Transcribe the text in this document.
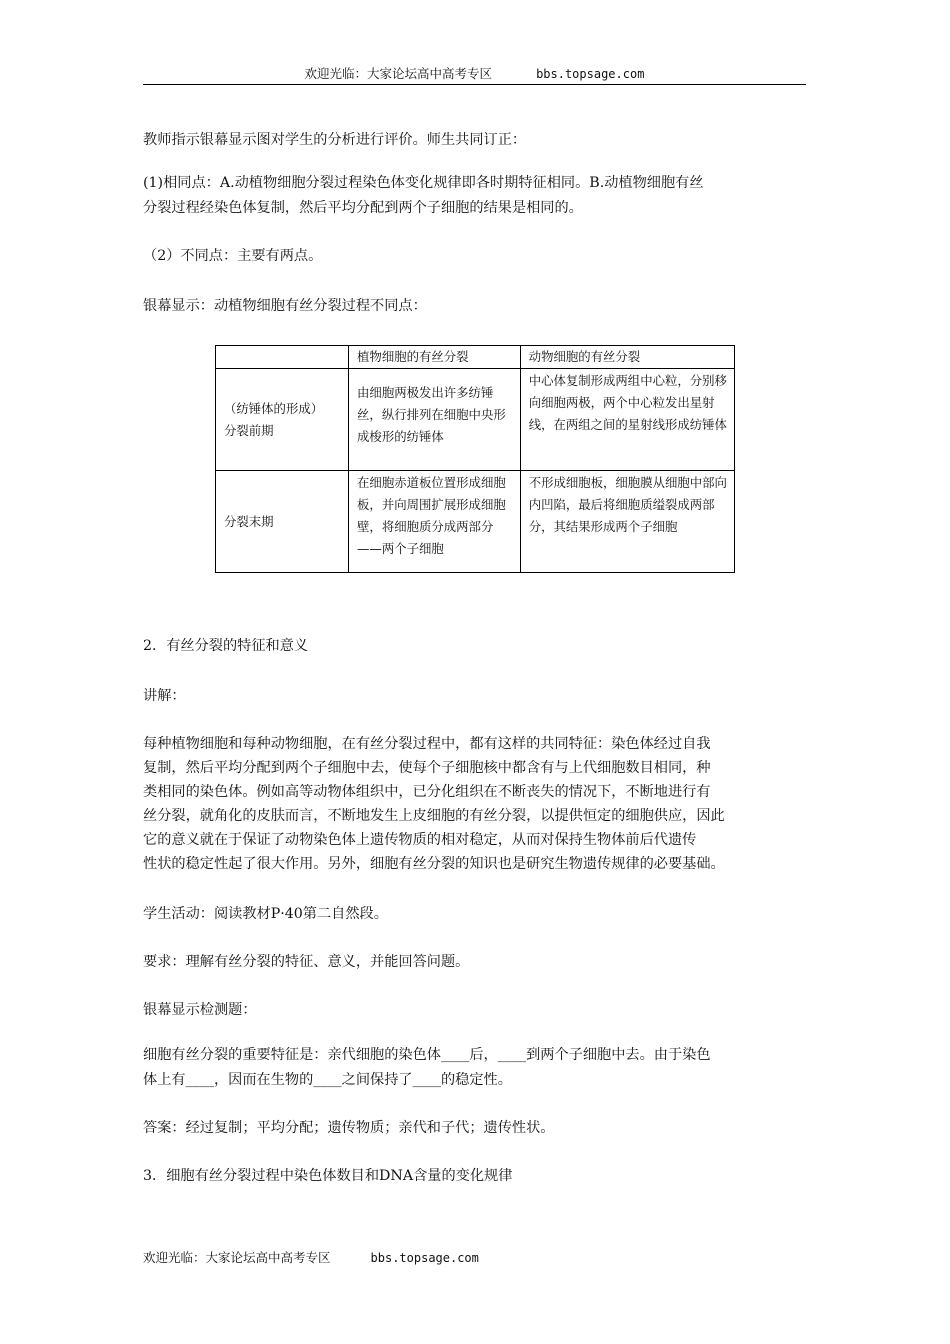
欢迎光临：大家论坛高中高考专区	bbs.topsage.com
教师指示银幕显示图对学生的分析进行评价。师生共同订正：
(1)相同点：A.动植物细胞分裂过程染色体变化规律即各时期特征相同。B.动植物细胞有丝
分裂过程经染色体复制，然后平均分配到两个子细胞的结果是相同的。
（2）不同点：主要有两点。
银幕显示：动植物细胞有丝分裂过程不同点：
	植物细胞的有丝分裂	动物细胞的有丝分裂

（纺锤体的形成）
分裂前期	由细胞两极发出许多纺锤丝，纵行排列在细胞中央形成梭形的纺锤体	中心体复制形成两组中心粒，分别移向细胞两极，两个中心粒发出星射线，在两组之间的星射线形成纺锤体

分裂末期	在细胞赤道板位置形成细胞板，并向周围扩展形成细胞壁，将细胞质分成两部分——两个子细胞	不形成细胞板，细胞膜从细胞中部向内凹陷，最后将细胞质缢裂成两部分，其结果形成两个子细胞
2．有丝分裂的特征和意义
讲解：
每种植物细胞和每种动物细胞，在有丝分裂过程中，都有这样的共同特征：染色体经过自我
复制，然后平均分配到两个子细胞中去，使每个子细胞核中都含有与上代细胞数目相同，种
类相同的染色体。例如高等动物体组织中，已分化组织在不断丧失的情况下，不断地进行有
丝分裂，就角化的皮肤而言，不断地发生上皮细胞的有丝分裂，以提供恒定的细胞供应，因此
它的意义就在于保证了动物染色体上遗传物质的相对稳定，从而对保持生物体前后代遗传
性状的稳定性起了很大作用。另外，细胞有丝分裂的知识也是研究生物遗传规律的必要基础。
学生活动：阅读教材P·40第二自然段。
要求：理解有丝分裂的特征、意义，并能回答问题。
银幕显示检测题：
细胞有丝分裂的重要特征是：亲代细胞的染色体____后，____到两个子细胞中去。由于染色
体上有____，因而在生物的____之间保持了____的稳定性。
答案：经过复制；平均分配；遗传物质；亲代和子代；遗传性状。
3．细胞有丝分裂过程中染色体数目和DNA含量的变化规律
欢迎光临：大家论坛高中高考专区	bbs.topsage.com
